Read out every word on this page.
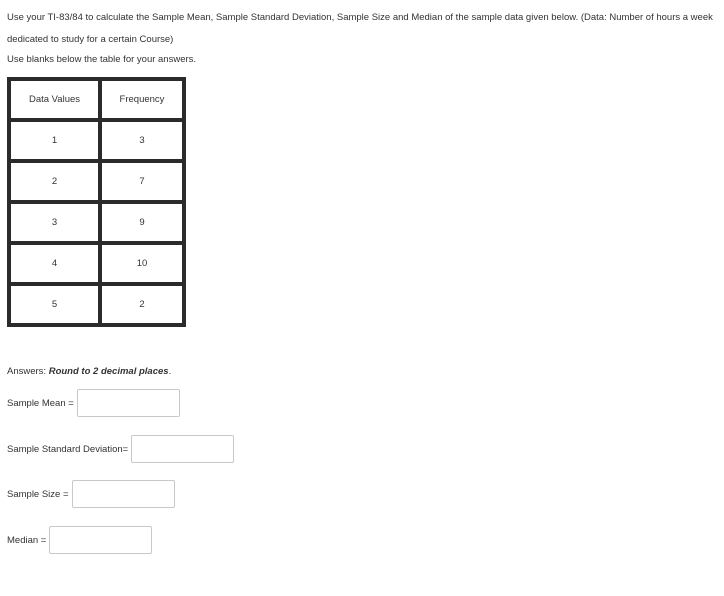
Use your TI-83/84 to calculate the Sample Mean, Sample Standard Deviation, Sample Size and Median of the sample data given below. (Data: Number of hours a week dedicated to study for a certain Course)

Use blanks below the table for your answers.

Data Values	Frequency
1	3
2	7
3	9
4	10
5	2

Answers: Round to 2 decimal places.

Sample Mean =
Sample Standard Deviation=
Sample Size =
Median =
